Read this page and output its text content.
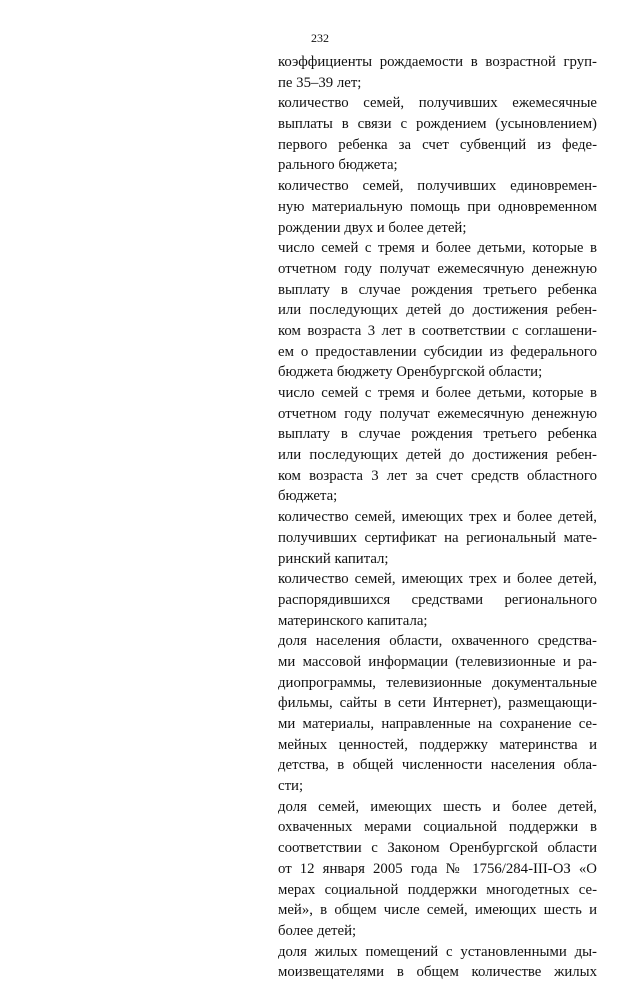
232
коэффициенты рождаемости в возрастной груп-
пе 35–39 лет;
количество семей, получивших ежемесячные
выплаты в связи с рождением (усыновлением)
первого ребенка за счет субвенций из феде-
рального бюджета;
количество семей, получивших единовремен-
ную материальную помощь при одновременном
рождении двух и более детей;
число семей с тремя и более детьми, которые в
отчетном году получат ежемесячную денежную
выплату в случае рождения третьего ребенка
или последующих детей до достижения ребен-
ком возраста 3 лет в соответствии с соглашени-
ем о предоставлении субсидии из федерального
бюджета бюджету Оренбургской области;
число семей с тремя и более детьми, которые в
отчетном году получат ежемесячную денежную
выплату в случае рождения третьего ребенка
или последующих детей до достижения ребен-
ком возраста 3 лет за счет средств областного
бюджета;
количество семей, имеющих трех и более детей,
получивших сертификат на региональный мате-
ринский капитал;
количество семей, имеющих трех и более детей,
распорядившихся средствами регионального
материнского капитала;
доля населения области, охваченного средства-
ми массовой информации (телевизионные и ра-
диопрограммы, телевизионные документальные
фильмы, сайты в сети Интернет), размещающи-
ми материалы, направленные на сохранение се-
мейных ценностей, поддержку материнства и
детства, в общей численности населения обла-
сти;
доля семей, имеющих шесть и более детей,
охваченных мерами социальной поддержки в
соответствии с Законом Оренбургской области
от 12 января 2005 года № 1756/284-III-ОЗ «О
мерах социальной поддержки многодетных се-
мей», в общем числе семей, имеющих шесть и
более детей;
доля жилых помещений с установленными ды-
моизвещателями в общем количестве жилых
